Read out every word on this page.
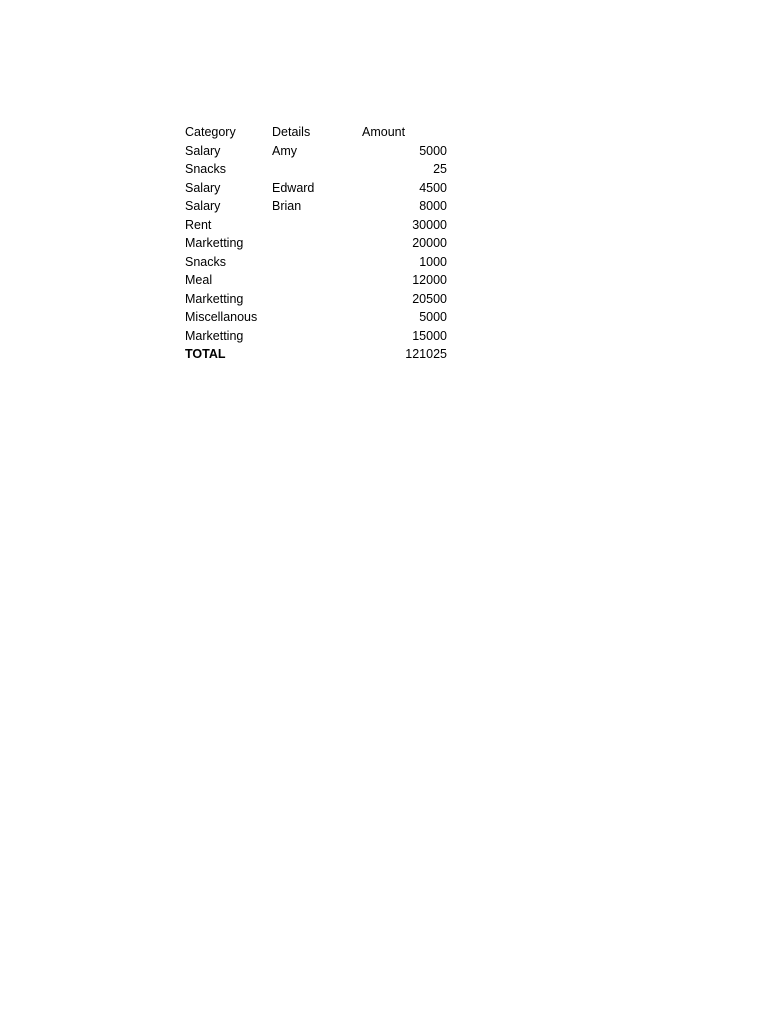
Category	Details	Amount
Salary	Amy	5000
Snacks		25
Salary	Edward	4500
Salary	Brian	8000
Rent		30000
Marketting		20000
Snacks		1000
Meal		12000
Marketting		20500
Miscellanous		5000
Marketting		15000
TOTAL		121025
